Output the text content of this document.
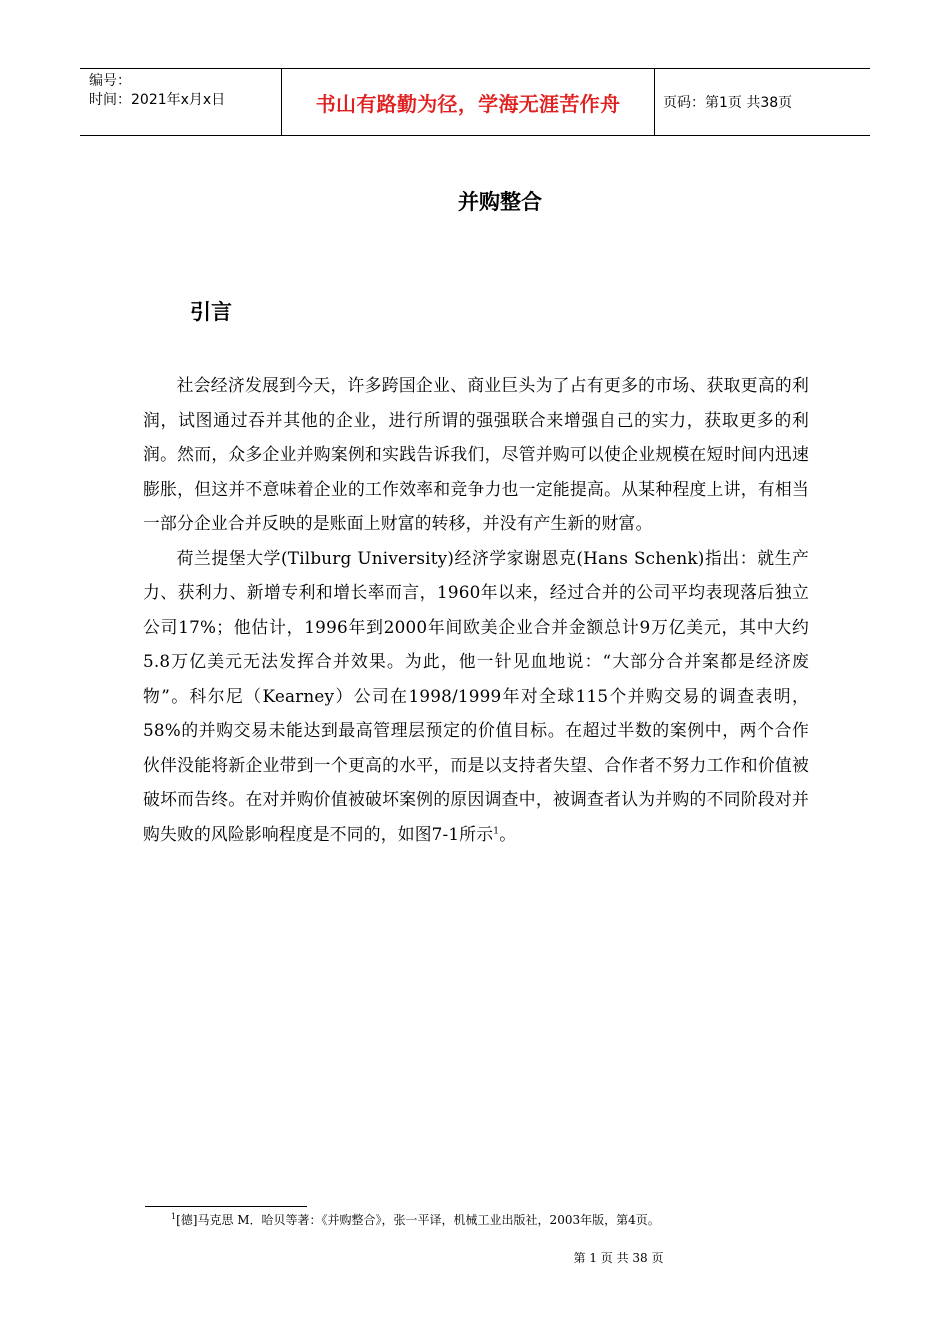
编号：
时间：2021年x月x日	书山有路勤为径，学海无涯苦作舟	页码：第1页 共38页
并购整合
引言

社会经济发展到今天，许多跨国企业、商业巨头为了占有更多的市场、获取更高的利润，试图通过吞并其他的企业，进行所谓的强强联合来增强自己的实力，获取更多的利润。然而，众多企业并购案例和实践告诉我们，尽管并购可以使企业规模在短时间内迅速膨胀，但这并不意味着企业的工作效率和竞争力也一定能提高。从某种程度上讲，有相当一部分企业合并反映的是账面上财富的转移，并没有产生新的财富。

荷兰提堡大学(Tilburg University)经济学家谢恩克(Hans Schenk)指出：就生产力、获利力、新增专利和增长率而言，1960年以来，经过合并的公司平均表现落后独立公司17%；他估计，1996年到2000年间欧美企业合并金额总计9万亿美元，其中大约5.8万亿美元无法发挥合并效果。为此，他一针见血地说：“大部分合并案都是经济废物”。科尔尼（Kearney）公司在1998/1999年对全球115个并购交易的调查表明，58%的并购交易未能达到最高管理层预定的价值目标。在超过半数的案例中，两个合作伙伴没能将新企业带到一个更高的水平，而是以支持者失望、合作者不努力工作和价值被破坏而告终。在对并购价值被破坏案例的原因调查中，被调查者认为并购的不同阶段对并购失败的风险影响程度是不同的，如图7-1所示$^1$。

$^1$[德]马克思 M．哈贝等著：《并购整合》，张一平译，机械工业出版社，2003年版，第4页。
第 1 页 共 38 页
